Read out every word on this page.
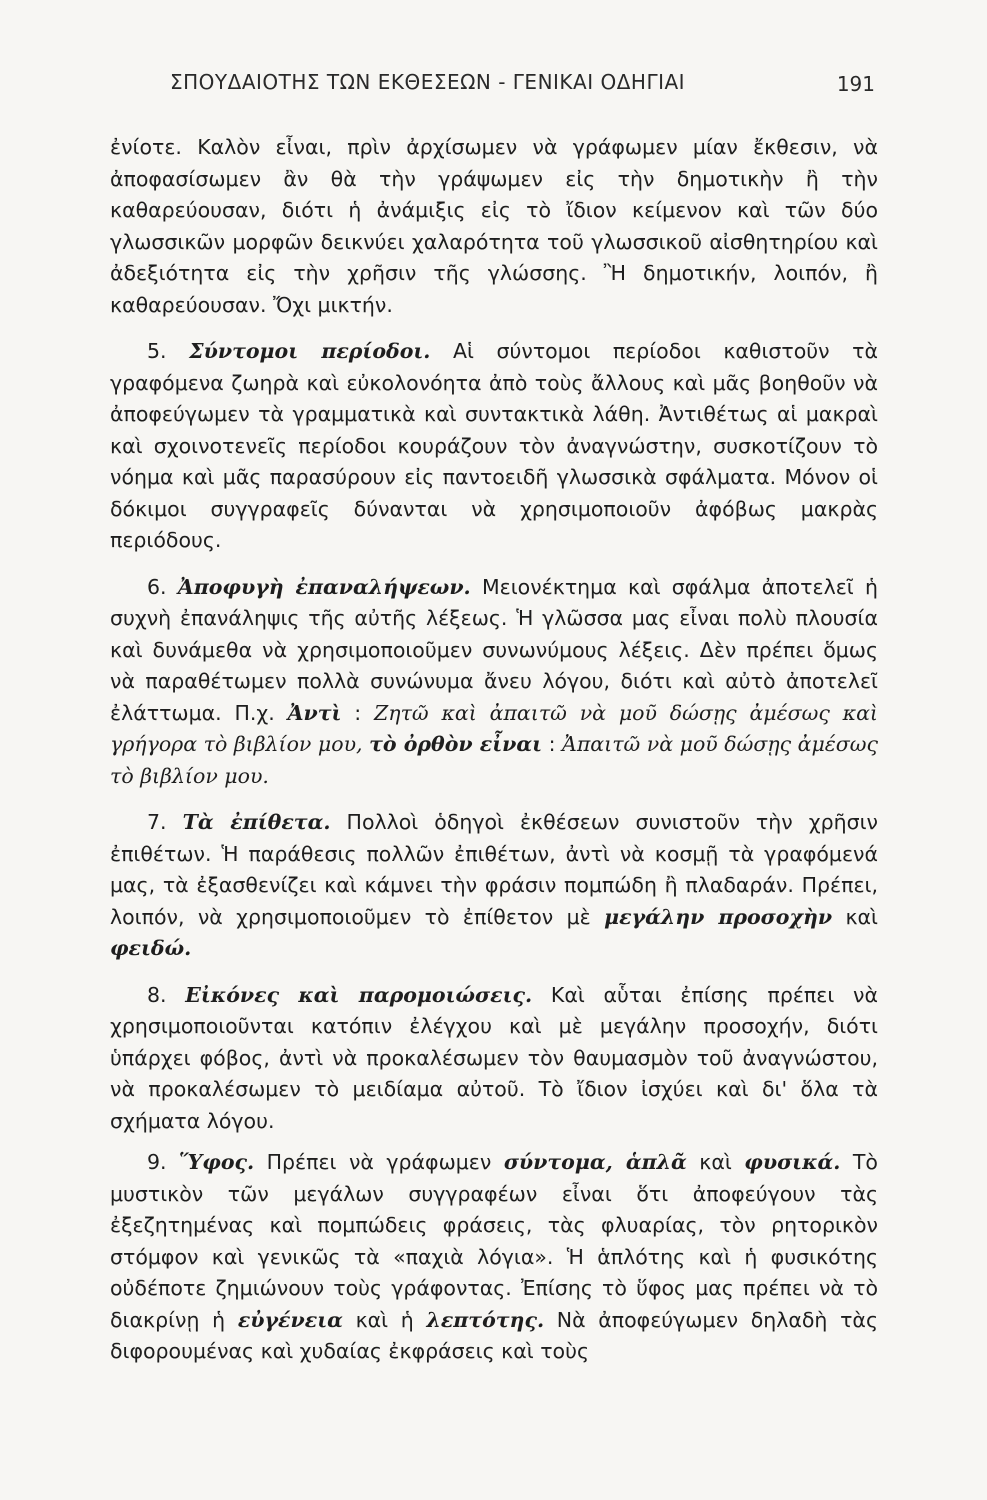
ΣΠΟΥΔΑΙΟΤΗΣ ΤΩΝ ΕΚΘΕΣΕΩΝ - ΓΕΝΙΚΑΙ ΟΔΗΓΙΑΙ	191

ἐνίοτε. Καλὸν εἶναι, πρὶν ἀρχίσωμεν νὰ γράφωμεν μίαν ἔκθεσιν, νὰ ἀποφασίσωμεν ἂν θὰ τὴν γράψωμεν εἰς τὴν δημοτικὴν ἢ τὴν καθαρεύουσαν, διότι ἡ ἀνάμιξις εἰς τὸ ἴδιον κείμενον καὶ τῶν δύο γλωσσικῶν μορφῶν δεικνύει χαλαρότητα τοῦ γλωσσικοῦ αἰσθητηρίου καὶ ἀδεξιότητα εἰς τὴν χρῆσιν τῆς γλώσσης. Ἢ δημοτικήν, λοιπόν, ἢ καθαρεύουσαν. Ὄχι μικτήν.

5. Σύντομοι περίοδοι. Αἱ σύντομοι περίοδοι καθιστοῦν τὰ γραφόμενα ζωηρὰ καὶ εὐκολονόητα ἀπὸ τοὺς ἄλλους καὶ μᾶς βοηθοῦν νὰ ἀποφεύγωμεν τὰ γραμματικὰ καὶ συντακτικὰ λάθη. Ἀντιθέτως αἱ μακραὶ καὶ σχοινοτενεῖς περίοδοι κουράζουν τὸν ἀναγνώστην, συσκοτίζουν τὸ νόημα καὶ μᾶς παρασύρουν εἰς παντοειδῆ γλωσσικὰ σφάλματα. Μόνον οἱ δόκιμοι συγγραφεῖς δύνανται νὰ χρησιμοποιοῦν ἀφόβως μακρὰς περιόδους.

6. Ἀποφυγὴ ἐπαναλήψεων. Μειονέκτημα καὶ σφάλμα ἀποτελεῖ ἡ συχνὴ ἐπανάληψις τῆς αὐτῆς λέξεως. Ἡ γλῶσσα μας εἶναι πολὺ πλουσία καὶ δυνάμεθα νὰ χρησιμοποιοῦμεν συνωνύμους λέξεις. Δὲν πρέπει ὅμως νὰ παραθέτωμεν πολλὰ συνώνυμα ἄνευ λόγου, διότι καὶ αὐτὸ ἀποτελεῖ ἐλάττωμα. Π.χ. Ἀντὶ : Ζητῶ καὶ ἀπαιτῶ νὰ μοῦ δώσῃς ἀμέσως καὶ γρήγορα τὸ βιβλίον μου, τὸ ὀρθὸν εἶναι : Ἀπαιτῶ νὰ μοῦ δώσῃς ἀμέσως τὸ βιβλίον μου.

7. Τὰ ἐπίθετα. Πολλοὶ ὁδηγοὶ ἐκθέσεων συνιστοῦν τὴν χρῆσιν ἐπιθέτων. Ἡ παράθεσις πολλῶν ἐπιθέτων, ἀντὶ νὰ κοσμῇ τὰ γραφόμενά μας, τὰ ἐξασθενίζει καὶ κάμνει τὴν φράσιν πομπώδη ἢ πλαδαράν. Πρέπει, λοιπόν, νὰ χρησιμοποιοῦμεν τὸ ἐπίθετον μὲ μεγάλην προσοχὴν καὶ φειδώ.

8. Εἰκόνες καὶ παρομοιώσεις. Καὶ αὗται ἐπίσης πρέπει νὰ χρησιμοποιοῦνται κατόπιν ἐλέγχου καὶ μὲ μεγάλην προσοχήν, διότι ὑπάρχει φόβος, ἀντὶ νὰ προκαλέσωμεν τὸν θαυμασμὸν τοῦ ἀναγνώστου, νὰ προκαλέσωμεν τὸ μειδίαμα αὐτοῦ. Τὸ ἴδιον ἰσχύει καὶ δι' ὅλα τὰ σχήματα λόγου.

9. Ὕφος. Πρέπει νὰ γράφωμεν σύντομα, ἁπλᾶ καὶ φυσικά. Τὸ μυστικὸν τῶν μεγάλων συγγραφέων εἶναι ὅτι ἀποφεύγουν τὰς ἐξεζητημένας καὶ πομπώδεις φράσεις, τὰς φλυαρίας, τὸν ρητορικὸν στόμφον καὶ γενικῶς τὰ «παχιὰ λόγια». Ἡ ἁπλότης καὶ ἡ φυσικότης οὐδέποτε ζημιώνουν τοὺς γράφοντας. Ἐπίσης τὸ ὕφος μας πρέπει νὰ τὸ διακρίνῃ ἡ εὐγένεια καὶ ἡ λεπτότης. Νὰ ἀποφεύγωμεν δηλαδὴ τὰς διφορουμένας καὶ χυδαίας ἐκφράσεις καὶ τοὺς
